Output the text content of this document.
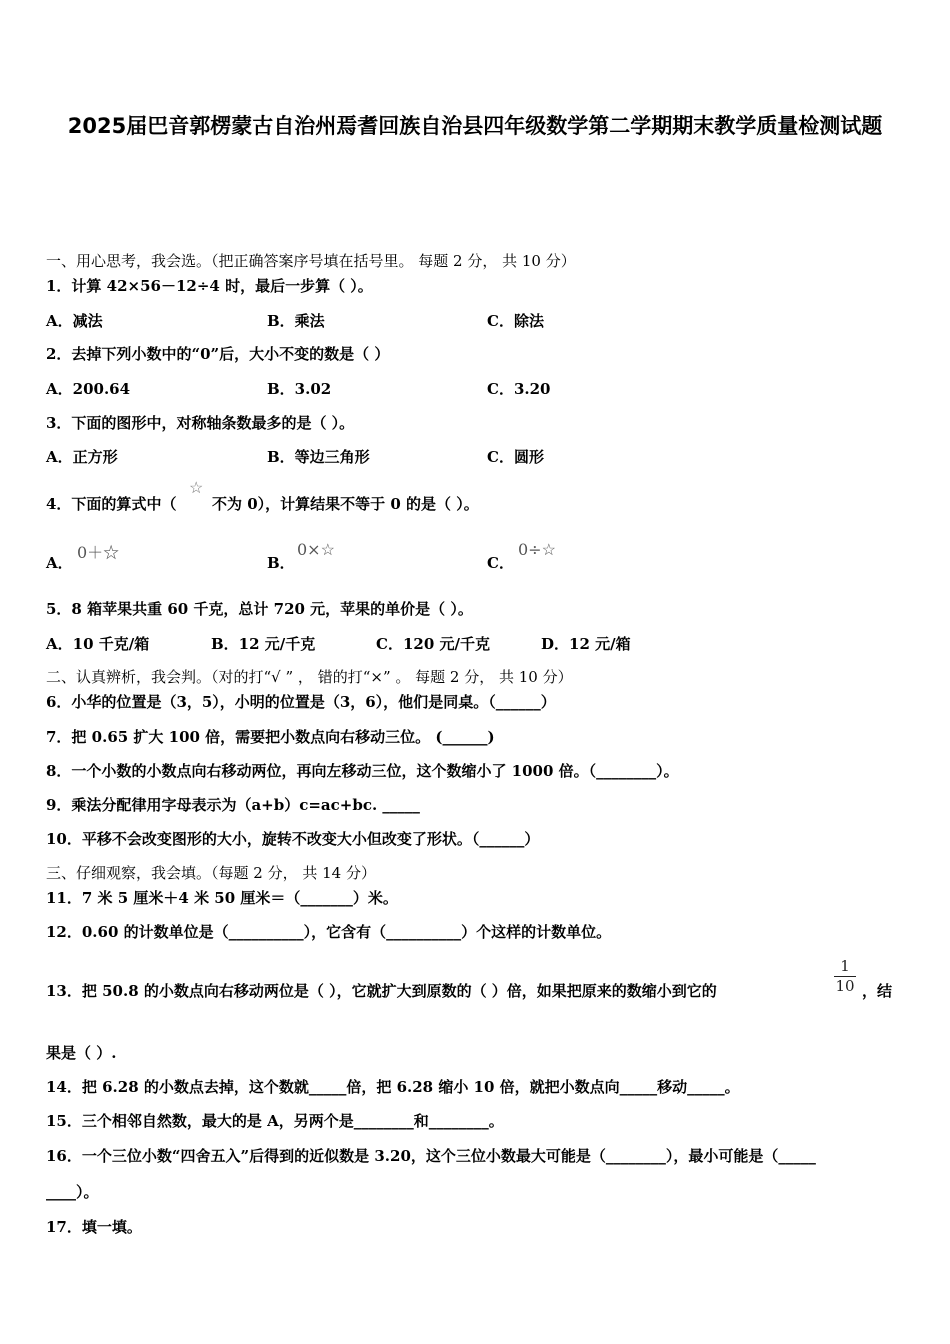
2025届巴音郭楞蒙古自治州焉耆回族自治县四年级数学第二学期期末教学质量检测试题
一、用心思考，我会选。（把正确答案序号填在括号里。 每题 2 分， 共 10 分）
1．计算 42×56－12÷4 时，最后一步算（ ）。
A．减法	B．乘法	C．除法
2．去掉下列小数中的“0”后，大小不变的数是（ ）
A．200.64	B．3.02	C．3.20
3．下面的图形中，对称轴条数最多的是（ ）。
A．正方形	B．等边三角形	C．圆形
4．下面的算式中（
☆
不为 0），计算结果不等于 0 的是（ ）。
A．
0＋☆
B．
0×☆
C．
0÷☆
5．8 箱苹果共重 60 千克，总计 720 元，苹果的单价是（ ）。
A．10 千克/箱	B．12 元/千克	C．120 元/千克	D．12 元/箱
二、认真辨析，我会判。（对的打“√ ” ， 错的打“×” 。 每题 2 分， 共 10 分）
6．小华的位置是（3，5），小明的位置是（3，6），他们是同桌。（______）
7．把 0.65 扩大 100 倍，需要把小数点向右移动三位。 (______)
8．一个小数的小数点向右移动两位，再向左移动三位，这个数缩小了 1000 倍。（________）。
9．乘法分配律用字母表示为（a+b）c=ac+bc. _____
10．平移不会改变图形的大小，旋转不改变大小但改变了形状。（______）
三、仔细观察，我会填。（每题 2 分， 共 14 分）
11．7 米 5 厘米＋4 米 50 厘米＝（_______）米。
12．0.60 的计数单位是（__________），它含有（__________）个这样的计数单位。
13．把 50.8 的小数点向右移动两位是（ ），它就扩大到原数的（ ）倍，如果把原来的数缩小到它的
1
10 ，结
果是（ ）.
14．把 6.28 的小数点去掉，这个数就_____倍，把 6.28 缩小 10 倍，就把小数点向_____移动_____。
15．三个相邻自然数，最大的是 A，另两个是________和________。
16．一个三位小数“四舍五入”后得到的近似数是 3.20，这个三位小数最大可能是（________），最小可能是（_____
____）。
17．填一填。
